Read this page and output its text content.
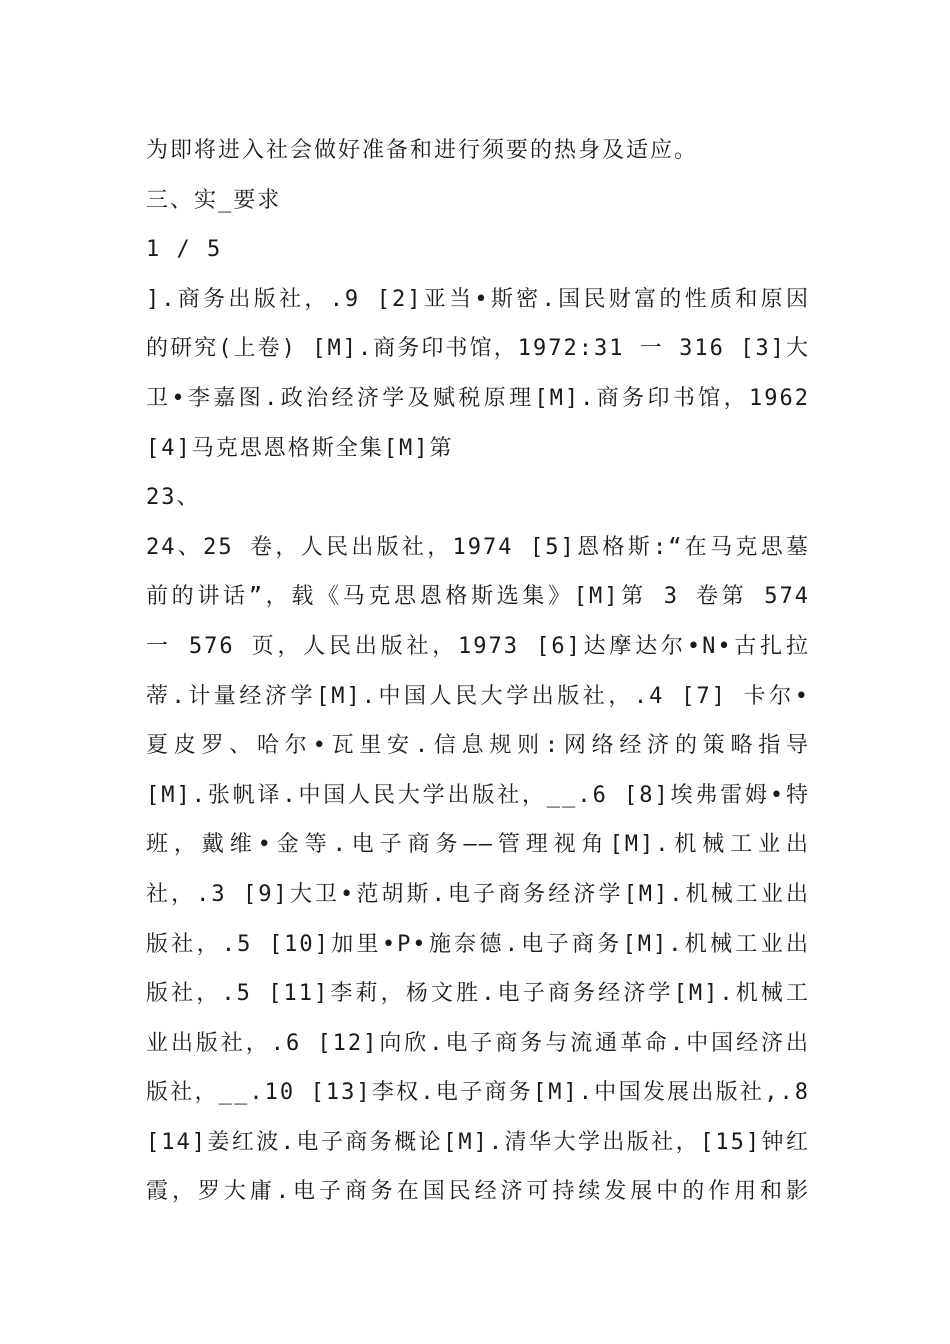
为即将进入社会做好准备和进行须要的热身及适应。
三、实_要求
1 / 5
].商务出版社，.9 [2]亚当•斯密.国民财富的性质和原因
的研究(上卷) [M].商务印书馆，1972:31 一 316 [3]大
卫•李嘉图.政治经济学及赋税原理[M].商务印书馆，1962
[4]马克思恩格斯全集[M]第
23、
24、25 卷，人民出版社，1974 [5]恩格斯:“在马克思墓
前的讲话”，载《马克思恩格斯选集》[M]第 3 卷第 574
一 576 页，人民出版社，1973 [6]达摩达尔•N•古扎拉
蒂.计量经济学[M].中国人民大学出版社，.4 [7] 卡尔•
夏皮罗、哈尔•瓦里安.信息规则:网络经济的策略指导
[M].张帆译.中国人民大学出版社，__.6 [8]埃弗雷姆•特
班，戴维•金等.电子商务——管理视角[M].机械工业出
社，.3 [9]大卫•范胡斯.电子商务经济学[M].机械工业出
版社，.5 [10]加里•P•施奈德.电子商务[M].机械工业出
版社，.5 [11]李莉，杨文胜.电子商务经济学[M].机械工
业出版社，.6 [12]向欣.电子商务与流通革命.中国经济出
版社，__.10 [13]李权.电子商务[M].中国发展出版社,.8
[14]姜红波.电子商务概论[M].清华大学出版社，[15]钟红
霞，罗大庸.电子商务在国民经济可持续发展中的作用和影
